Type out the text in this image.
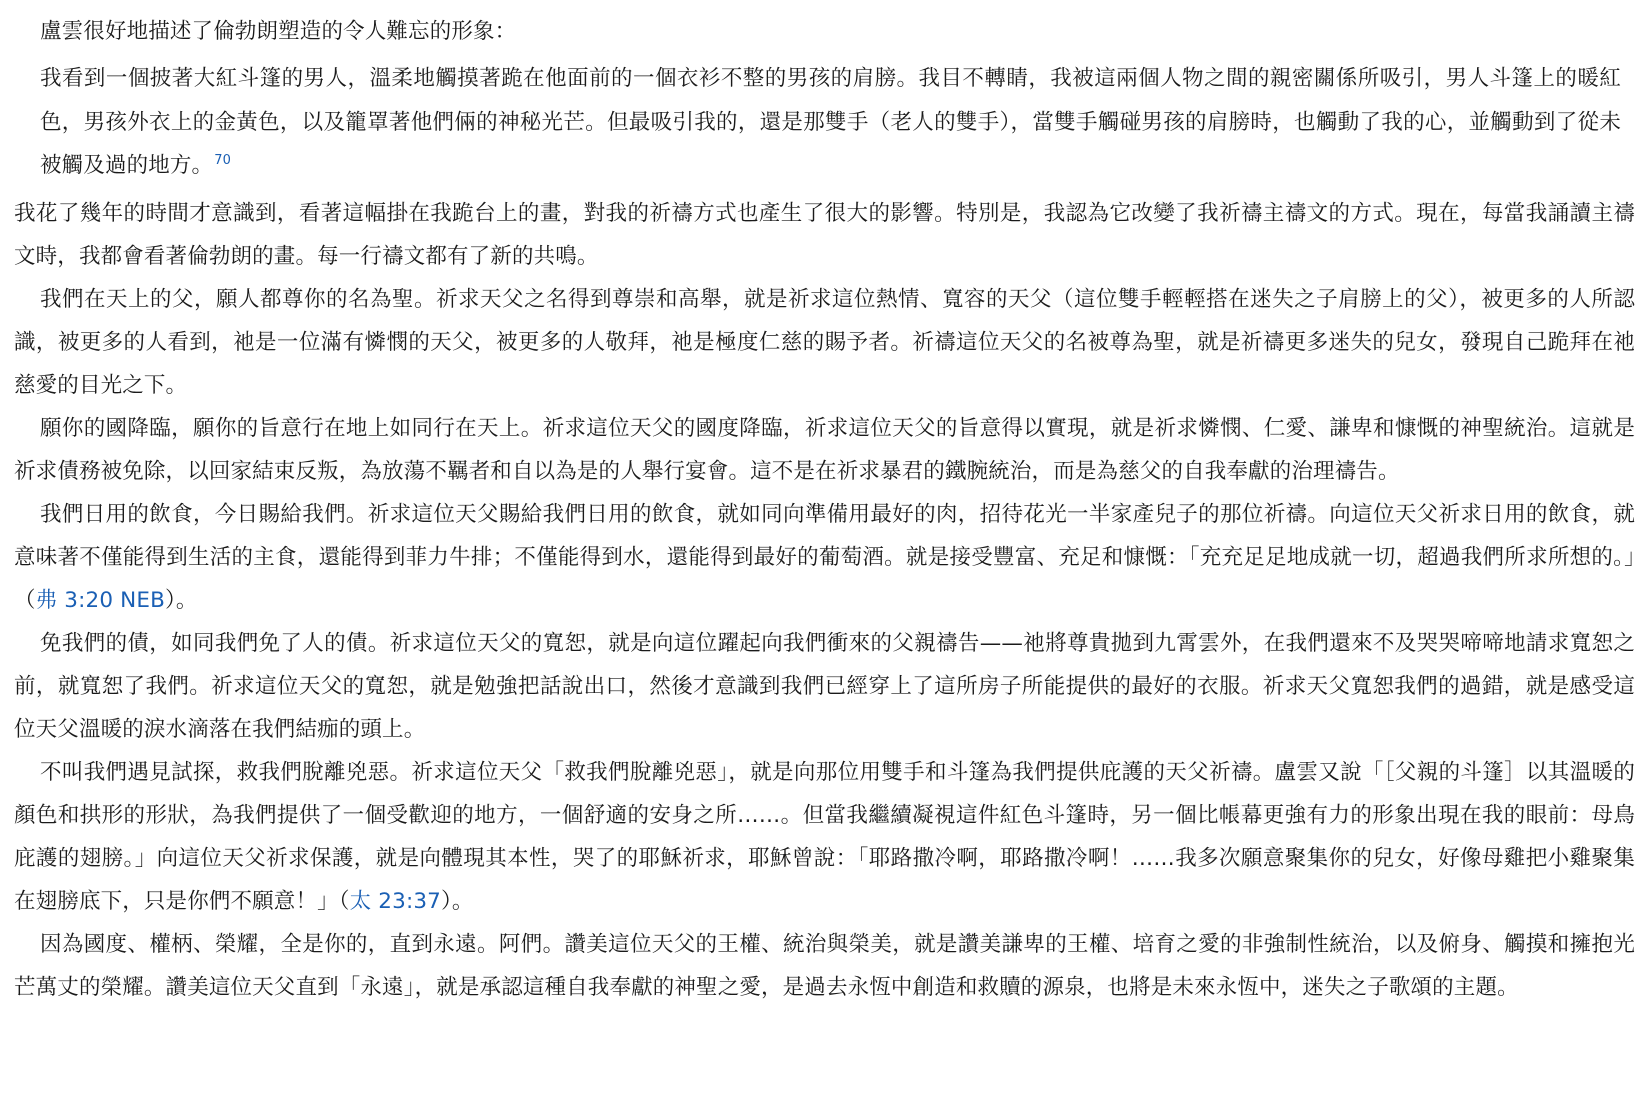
盧雲很好地描述了倫勃朗塑造的令人難忘的形象：

我看到一個披著大紅斗篷的男人，溫柔地觸摸著跪在他面前的一個衣衫不整的男孩的肩膀。我目不轉睛，我被這兩個人物之間的親密關係所吸引，男人斗篷上的暖紅色，男孩外衣上的金黃色，以及籠罩著他們倆的神秘光芒。但最吸引我的，還是那雙手（老人的雙手），當雙手觸碰男孩的肩膀時，也觸動了我的心，並觸動到了從未被觸及過的地方。$^{70}$

我花了幾年的時間才意識到，看著這幅掛在我跪台上的畫，對我的祈禱方式也產生了很大的影響。特別是，我認為它改變了我祈禱主禱文的方式。現在，每當我誦讀主禱文時，我都會看著倫勃朗的畫。每一行禱文都有了新的共鳴。

我們在天上的父，願人都尊你的名為聖。祈求天父之名得到尊崇和高舉，就是祈求這位熱情、寬容的天父（這位雙手輕輕搭在迷失之子肩膀上的父），被更多的人所認識，被更多的人看到，祂是一位滿有憐憫的天父，被更多的人敬拜，祂是極度仁慈的賜予者。祈禱這位天父的名被尊為聖，就是祈禱更多迷失的兒女，發現自己跪拜在祂慈愛的目光之下。

願你的國降臨，願你的旨意行在地上如同行在天上。祈求這位天父的國度降臨，祈求這位天父的旨意得以實現，就是祈求憐憫、仁愛、謙卑和慷慨的神聖統治。這就是祈求債務被免除，以回家結束反叛，為放蕩不羈者和自以為是的人舉行宴會。這不是在祈求暴君的鐵腕統治，而是為慈父的自我奉獻的治理禱告。

我們日用的飲食，今日賜給我們。祈求這位天父賜給我們日用的飲食，就如同向準備用最好的肉，招待花光一半家產兒子的那位祈禱。向這位天父祈求日用的飲食，就意味著不僅能得到生活的主食，還能得到菲力牛排；不僅能得到水，還能得到最好的葡萄酒。就是接受豐富、充足和慷慨：「充充足足地成就一切，超過我們所求所想的。」（弗 3:20 NEB）。

免我們的債，如同我們免了人的債。祈求這位天父的寬恕，就是向這位躍起向我們衝來的父親禱告——祂將尊貴拋到九霄雲外，在我們還來不及哭哭啼啼地請求寬恕之前，就寬恕了我們。祈求這位天父的寬恕，就是勉強把話說出口，然後才意識到我們已經穿上了這所房子所能提供的最好的衣服。祈求天父寬恕我們的過錯，就是感受這位天父溫暖的淚水滴落在我們結痂的頭上。

不叫我們遇見試探，救我們脫離兇惡。祈求這位天父「救我們脫離兇惡」，就是向那位用雙手和斗篷為我們提供庇護的天父祈禱。盧雲又說「［父親的斗篷］以其溫暖的顏色和拱形的形狀，為我們提供了一個受歡迎的地方，一個舒適的安身之所……。但當我繼續凝視這件紅色斗篷時，另一個比帳幕更強有力的形象出現在我的眼前：母鳥庇護的翅膀。」向這位天父祈求保護，就是向體現其本性，哭了的耶穌祈求，耶穌曾說：「耶路撒冷啊，耶路撒冷啊！……我多次願意聚集你的兒女，好像母雞把小雞聚集在翅膀底下，只是你們不願意！」（太 23:37）。

因為國度、權柄、榮耀，全是你的，直到永遠。阿們。讚美這位天父的王權、統治與榮美，就是讚美謙卑的王權、培育之愛的非強制性統治，以及俯身、觸摸和擁抱光芒萬丈的榮耀。讚美這位天父直到「永遠」，就是承認這種自我奉獻的神聖之愛，是過去永恆中創造和救贖的源泉，也將是未來永恆中，迷失之子歌頌的主題。
